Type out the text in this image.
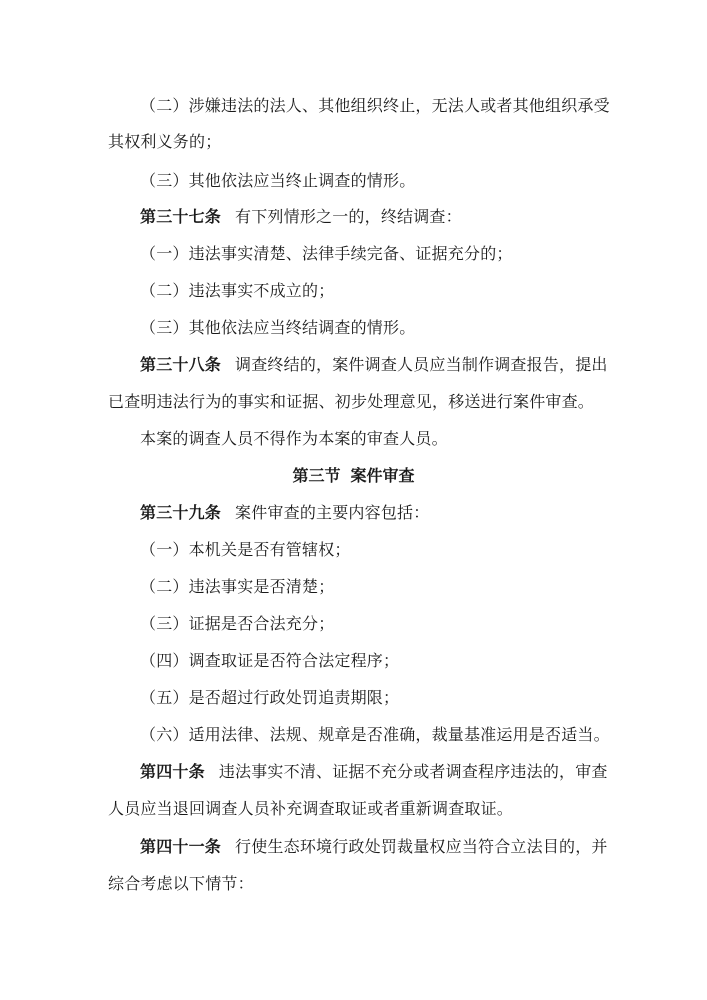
（二）涉嫌违法的法人、其他组织终止，无法人或者其他组织承受
其权利义务的；
（三）其他依法应当终止调查的情形。
第三十七条 有下列情形之一的，终结调查：
（一）违法事实清楚、法律手续完备、证据充分的；
（二）违法事实不成立的；
（三）其他依法应当终结调查的情形。
第三十八条 调查终结的，案件调查人员应当制作调查报告，提出
已查明违法行为的事实和证据、初步处理意见，移送进行案件审查。
本案的调查人员不得作为本案的审查人员。
第三节 案件审查
第三十九条 案件审查的主要内容包括：
（一）本机关是否有管辖权；
（二）违法事实是否清楚；
（三）证据是否合法充分；
（四）调查取证是否符合法定程序；
（五）是否超过行政处罚追责期限；
（六）适用法律、法规、规章是否准确，裁量基准运用是否适当。
第四十条 违法事实不清、证据不充分或者调查程序违法的，审查
人员应当退回调查人员补充调查取证或者重新调查取证。
第四十一条 行使生态环境行政处罚裁量权应当符合立法目的，并
综合考虑以下情节：
